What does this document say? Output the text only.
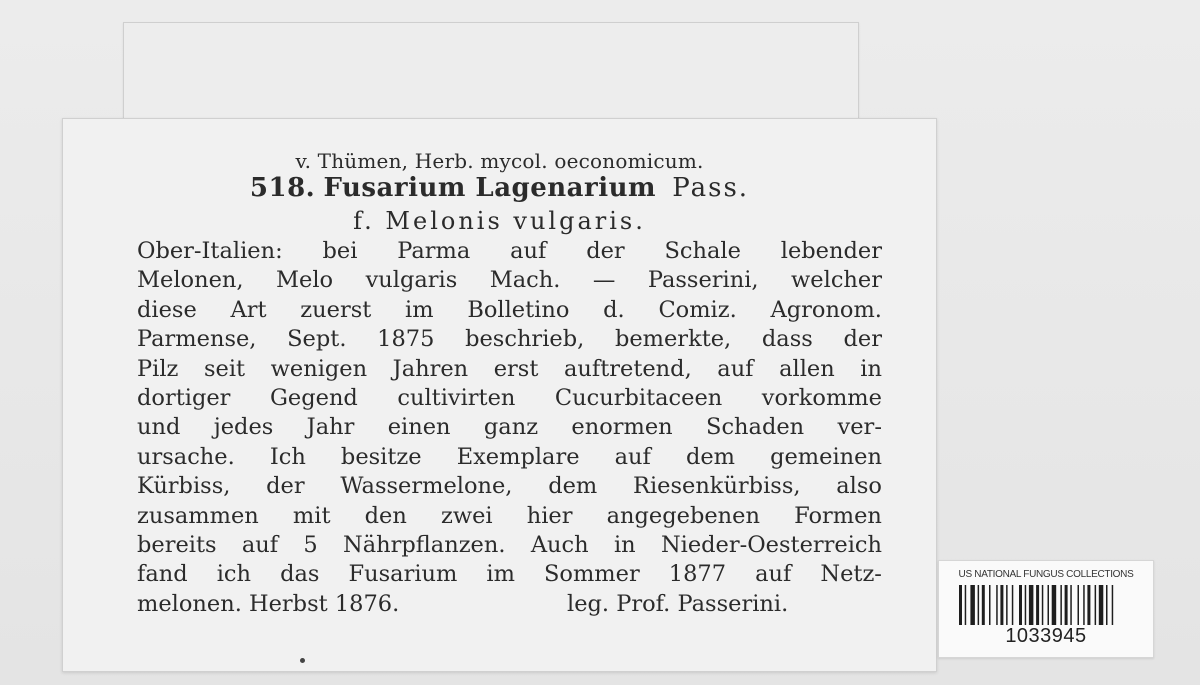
v. Thümen, Herb. mycol. oeconomicum.
518. Fusarium Lagenarium Pass.
f. Melonis vulgaris.
Ober-Italien: bei Parma auf der Schale lebender
Melonen, Melo vulgaris Mach. — Passerini, welcher
diese Art zuerst im Bolletino d. Comiz. Agronom.
Parmense, Sept. 1875 beschrieb, bemerkte, dass der
Pilz seit wenigen Jahren erst auftretend, auf allen in
dortiger Gegend cultivirten Cucurbitaceen vorkomme
und jedes Jahr einen ganz enormen Schaden ver-
ursache. Ich besitze Exemplare auf dem gemeinen
Kürbiss, der Wassermelone, dem Riesenkürbiss, also
zusammen mit den zwei hier angegebenen Formen
bereits auf 5 Nährpflanzen. Auch in Nieder-Oesterreich
fand ich das Fusarium im Sommer 1877 auf Netz-
melonen. Herbst 1876.	leg. Prof. Passerini.
US NATIONAL FUNGUS COLLECTIONS
1033945
